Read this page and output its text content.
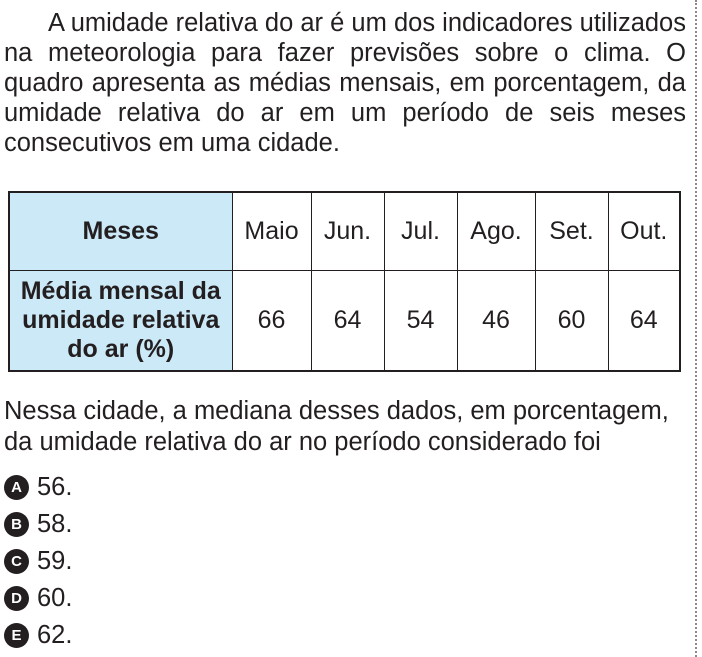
A umidade relativa do ar é um dos indicadores utilizados na meteorologia para fazer previsões sobre o clima. O quadro apresenta as médias mensais, em porcentagem, da umidade relativa do ar em um período de seis meses consecutivos em uma cidade.

Meses	Maio	Jun.	Jul.	Ago.	Set.	Out.
Média mensal da umidade relativa do ar (%)	66	64	54	46	60	64

Nessa cidade, a mediana desses dados, em porcentagem, da umidade relativa do ar no período considerado foi

A 56.
B 58.
C 59.
D 60.
E 62.
